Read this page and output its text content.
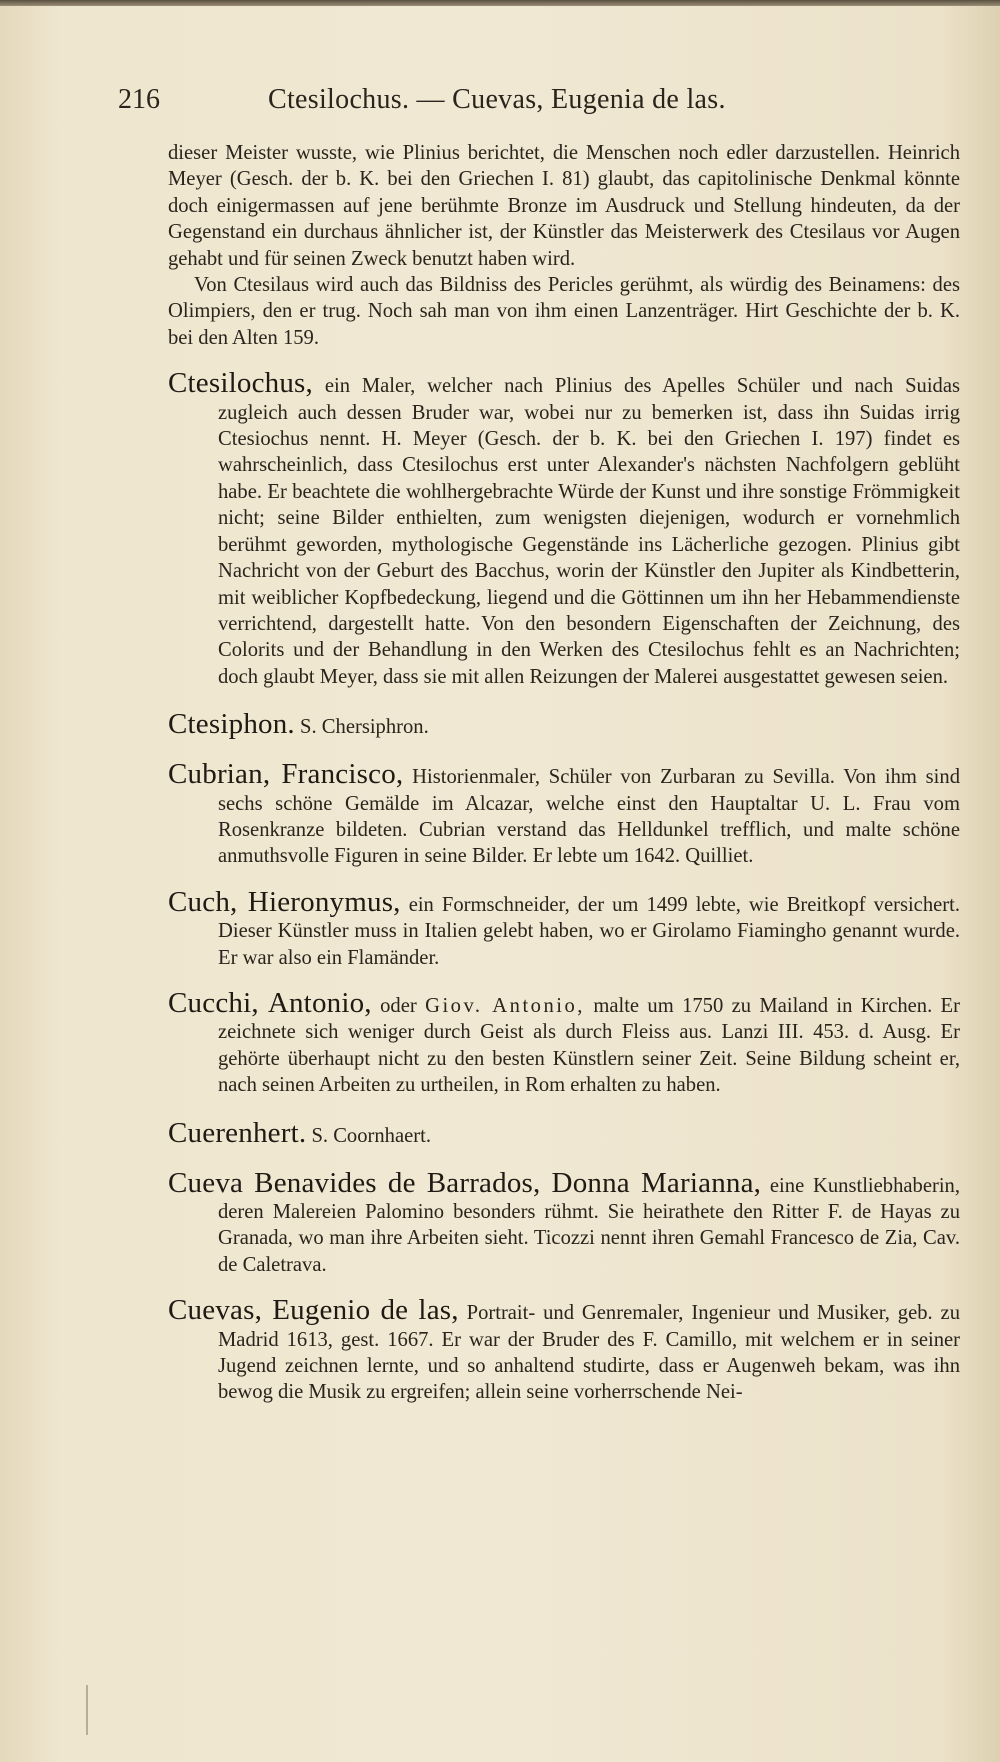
216	Ctesilochus. — Cuevas, Eugenia de las.

dieser Meister wusste, wie Plinius berichtet, die Menschen noch edler darzustellen. Heinrich Meyer (Gesch. der b. K. bei den Griechen I. 81) glaubt, das capitolinische Denkmal könnte doch einigermassen auf jene berühmte Bronze im Ausdruck und Stellung hindeuten, da der Gegenstand ein durchaus ähnlicher ist, der Künstler das Meisterwerk des Ctesilaus vor Augen gehabt und für seinen Zweck benutzt haben wird.

Von Ctesilaus wird auch das Bildniss des Pericles gerühmt, als würdig des Beinamens: des Olimpiers, den er trug. Noch sah man von ihm einen Lanzenträger. Hirt Geschichte der b. K. bei den Alten 159.

Ctesilochus, ein Maler, welcher nach Plinius des Apelles Schüler und nach Suidas zugleich auch dessen Bruder war, wobei nur zu bemerken ist, dass ihn Suidas irrig Ctesiochus nennt. H. Meyer (Gesch. der b. K. bei den Griechen I. 197) findet es wahrscheinlich, dass Ctesilochus erst unter Alexander's nächsten Nachfolgern geblüht habe. Er beachtete die wohlhergebrachte Würde der Kunst und ihre sonstige Frömmigkeit nicht; seine Bilder enthielten, zum wenigsten diejenigen, wodurch er vornehmlich berühmt geworden, mythologische Gegenstände ins Lächerliche gezogen. Plinius gibt Nachricht von der Geburt des Bacchus, worin der Künstler den Jupiter als Kindbetterin, mit weiblicher Kopfbedeckung, liegend und die Göttinnen um ihn her Hebammendienste verrichtend, dargestellt hatte. Von den besondern Eigenschaften der Zeichnung, des Colorits und der Behandlung in den Werken des Ctesilochus fehlt es an Nachrichten; doch glaubt Meyer, dass sie mit allen Reizungen der Malerei ausgestattet gewesen seien.

Ctesiphon. S. Chersiphron.

Cubrian, Francisco, Historienmaler, Schüler von Zurbaran zu Sevilla. Von ihm sind sechs schöne Gemälde im Alcazar, welche einst den Hauptaltar U. L. Frau vom Rosenkranze bildeten. Cubrian verstand das Helldunkel trefflich, und malte schöne anmuthsvolle Figuren in seine Bilder. Er lebte um 1642. Quilliet.

Cuch, Hieronymus, ein Formschneider, der um 1499 lebte, wie Breitkopf versichert. Dieser Künstler muss in Italien gelebt haben, wo er Girolamo Fiamingho genannt wurde. Er war also ein Flamänder.

Cucchi, Antonio, oder Giov. Antonio, malte um 1750 zu Mailand in Kirchen. Er zeichnete sich weniger durch Geist als durch Fleiss aus. Lanzi III. 453. d. Ausg. Er gehörte überhaupt nicht zu den besten Künstlern seiner Zeit. Seine Bildung scheint er, nach seinen Arbeiten zu urtheilen, in Rom erhalten zu haben.

Cuerenhert. S. Coornhaert.

Cueva Benavides de Barrados, Donna Marianna, eine Kunstliebhaberin, deren Malereien Palomino besonders rühmt. Sie heirathete den Ritter F. de Hayas zu Granada, wo man ihre Arbeiten sieht. Ticozzi nennt ihren Gemahl Francesco de Zia, Cav. de Caletrava.

Cuevas, Eugenio de las, Portrait- und Genremaler, Ingenieur und Musiker, geb. zu Madrid 1613, gest. 1667. Er war der Bruder des F. Camillo, mit welchem er in seiner Jugend zeichnen lernte, und so anhaltend studirte, dass er Augenweh bekam, was ihn bewog die Musik zu ergreifen; allein seine vorherrschende Nei-
